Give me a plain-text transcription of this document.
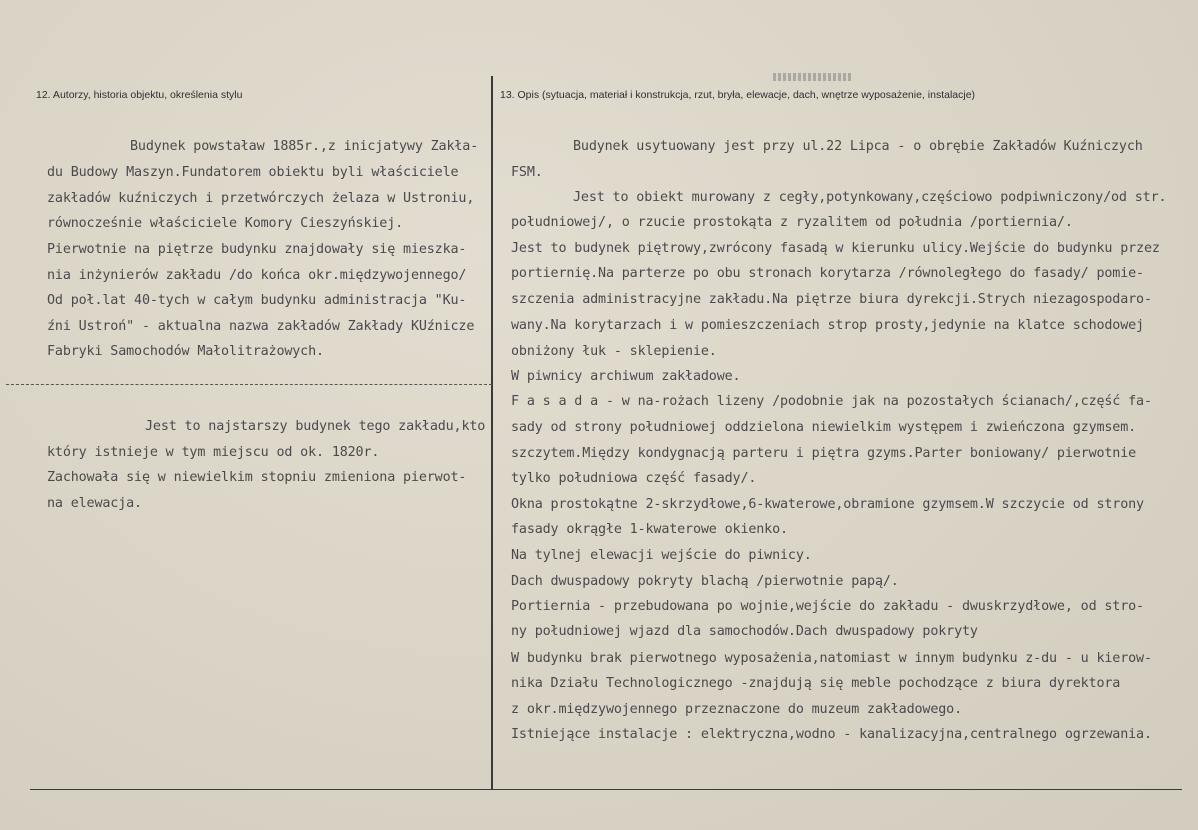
12. Autorzy, historia objektu, określenia stylu	13. Opis (sytuacja, materiał i konstrukcja, rzut, bryła, elewacje, dach, wnętrze wyposażenie, instalacje)
Budynek powstaław 1885r.,z inicjatywy Zakła-
du Budowy Maszyn.Fundatorem obiektu byli właściciele
zakładów kuźniczych i przetwórczych żelaza w Ustroniu,
równocześnie właściciele Komory Cieszyńskiej.
Pierwotnie na piętrze budynku znajdowały się mieszka-
nia inżynierów zakładu /do końca okr.międzywojennego/
Od poł.lat 40-tych w całym budynku administracja "Ku-
źni Ustroń" - aktualna nazwa zakładów Zakłady KUźnicze
Fabryki Samochodów Małolitrażowych.
Jest to najstarszy budynek tego zakładu,kto
który istnieje w tym miejscu od ok. 1820r.
Zachowała się w niewielkim stopniu zmieniona pierwot-
na elewacja.
Budynek usytuowany jest przy ul.22 Lipca - o obrębie Zakładów Kuźniczych
FSM.
Jest to obiekt murowany z cegły,potynkowany,częściowo podpiwniczony/od str.
południowej/, o rzucie prostokąta z ryzalitem od południa /portiernia/.
Jest to budynek piętrowy,zwrócony fasadą w kierunku ulicy.Wejście do budynku przez
portiernię.Na parterze po obu stronach korytarza /równoległego do fasady/ pomie-
szczenia administracyjne zakładu.Na piętrze biura dyrekcji.Strych niezagospodaro-
wany.Na korytarzach i w pomieszczeniach strop prosty,jedynie na klatce schodowej
obniżony łuk - sklepienie.
W piwnicy archiwum zakładowe.
F a s a d a - w na-rożach lizeny /podobnie jak na pozostałych ścianach/,część fa-
sady od strony południowej oddzielona niewielkim występem i zwieńczona gzymsem.
szczytem.Między kondygnacją parteru i piętra gzyms.Parter boniowany/ pierwotnie
tylko południowa część fasady/.
Okna prostokątne 2-skrzydłowe,6-kwaterowe,obramione gzymsem.W szczycie od strony
fasady okrągłe 1-kwaterowe okienko.
Na tylnej elewacji wejście do piwnicy.
Dach dwuspadowy pokryty blachą /pierwotnie papą/.
Portiernia - przebudowana po wojnie,wejście do zakładu - dwuskrzydłowe, od stro-
ny południowej wjazd dla samochodów.Dach dwuspadowy pokryty
W budynku brak pierwotnego wyposażenia,natomiast w innym budynku z-du - u kierow-
nika Działu Technologicznego -znajdują się meble pochodzące z biura dyrektora
z okr.międzywojennego przeznaczone do muzeum zakładowego.
Istniejące instalacje : elektryczna,wodno - kanalizacyjna,centralnego ogrzewania.
